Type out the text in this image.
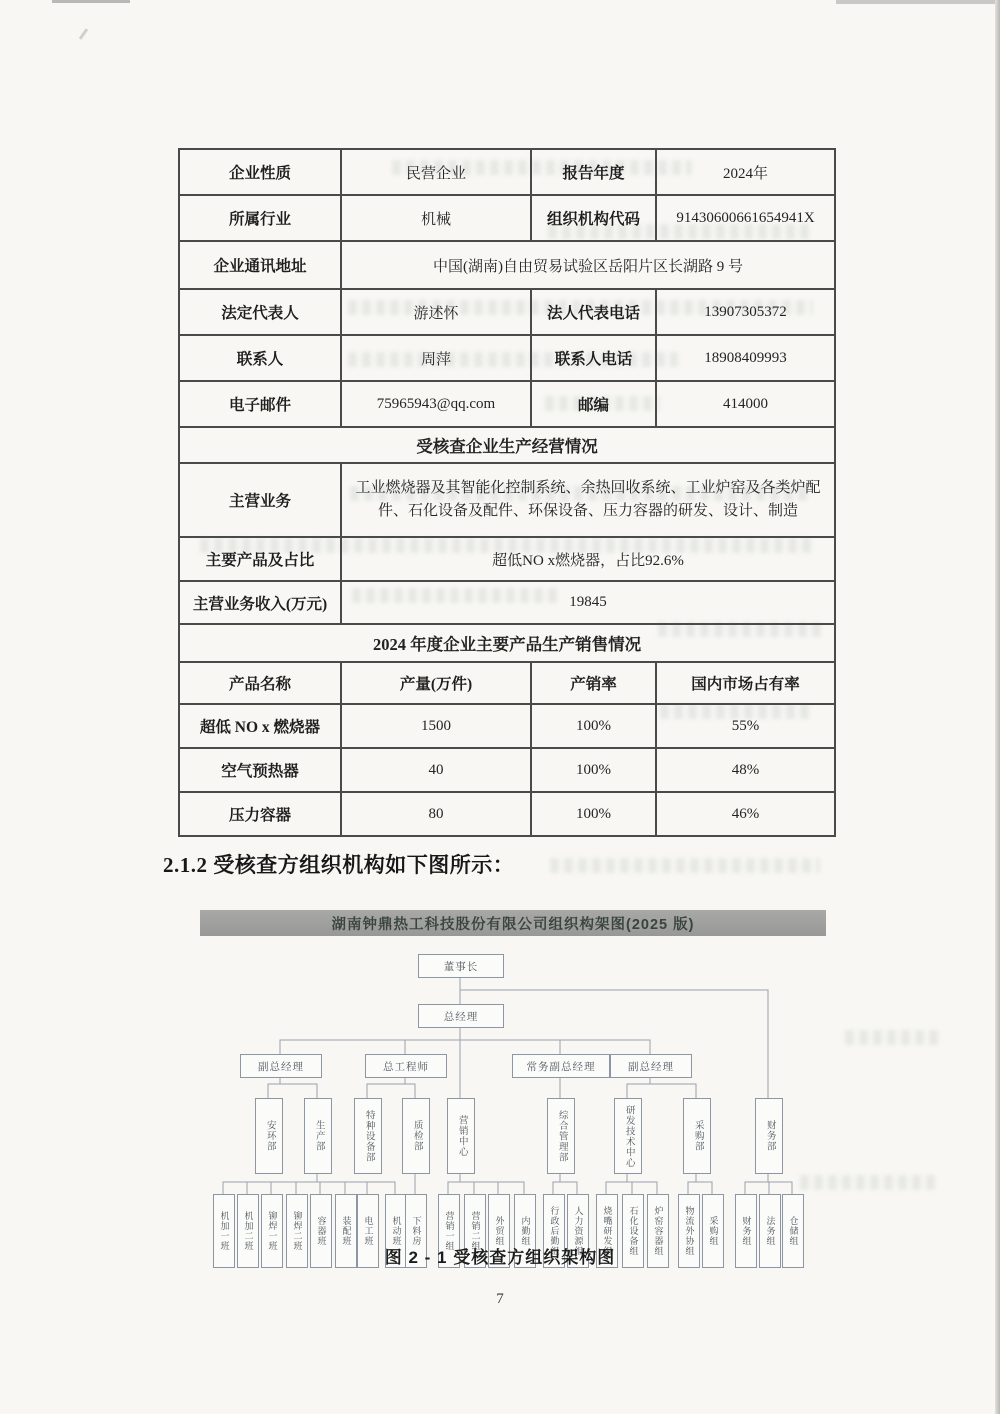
企业性质	民营企业	报告年度	2024年
所属行业	机械	组织机构代码	91430600661654941X
企业通讯地址	中国(湖南)自由贸易试验区岳阳片区长湖路 9 号		
法定代表人	游述怀	法人代表电话	13907305372
联系人	周萍	联系人电话	18908409993
电子邮件	75965943@qq.com	邮编	414000
受核查企业生产经营情况			
主营业务	工业燃烧器及其智能化控制系统、余热回收系统、工业炉窑及各类炉配件、石化设备及配件、环保设备、压力容器的研发、设计、制造		
主要产品及占比	超低NO x燃烧器，占比92.6%		
主营业务收入(万元)	19845		
2024 年度企业主要产品生产销售情况			
产品名称	产量(万件)	产销率	国内市场占有率
超低 NO x 燃烧器	1500	100%	55%
空气预热器	40	100%	48%
压力容器	80	100%	46%
2.1.2 受核查方组织机构如下图所示：
湖南钟鼎热工科技股份有限公司组织构架图(2025 版)
董事长
总经理
副总经理	总工程师	常务副总经理	副总经理
安环部	生产部	特种设备部	质检部	营销中心	综合管理部	研发技术中心	采购部	财务部
机加一班	机加二班	铆焊一班	铆焊二班	容器班	装配班	电工班	机动班	下料房	营销一组	营销二组	外贸组	内勤组	行政后勤组	人力资源组	烧嘴研发组	石化设备组	炉窑容器组	物流外协组	采购组	财务组	法务组	仓储组
图 2 - 1 受核查方组织架构图
7
